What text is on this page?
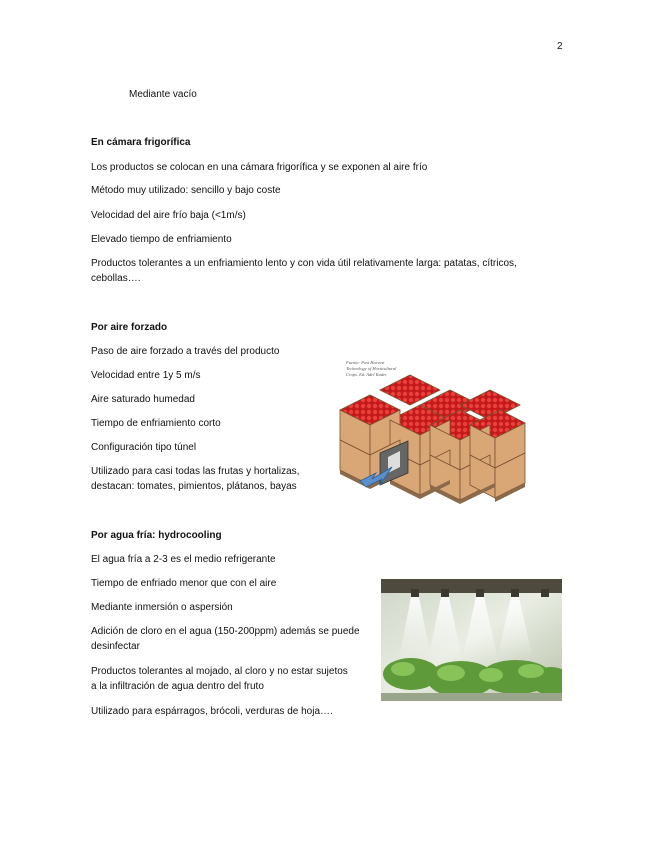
2

Mediante vacío

En cámara frigorífica

Los productos se colocan en una cámara frigorífica y se exponen al aire frío

Método muy utilizado: sencillo y bajo coste

Velocidad del aire frío baja (<1m/s)

Elevado tiempo de enfriamiento

Productos tolerantes a un enfriamiento lento y con vida útil relativamente larga: patatas, cítricos, cebollas….

Por aire forzado

Paso de aire forzado a través del producto

Velocidad entre 1y 5 m/s

Aire saturado humedad

Tiempo de enfriamiento corto

Configuración tipo túnel

Utilizado para casi todas las frutas y hortalizas, destacan: tomates, pimientos, plátanos, bayas

Fuente: Post Harvest
Technology of Horticultural
Crops. Ed. Adel Kader

Por agua fría: hydrocooling

El agua fría a 2-3 es el medio refrigerante

Tiempo de enfriado menor que con el aire

Mediante inmersión o aspersión

Adición de cloro en el agua (150-200ppm) además se puede desinfectar

Productos tolerantes al mojado, al cloro y no estar sujetos a la infiltración de agua dentro del fruto

Utilizado para espárragos, brócoli, verduras de hoja….
